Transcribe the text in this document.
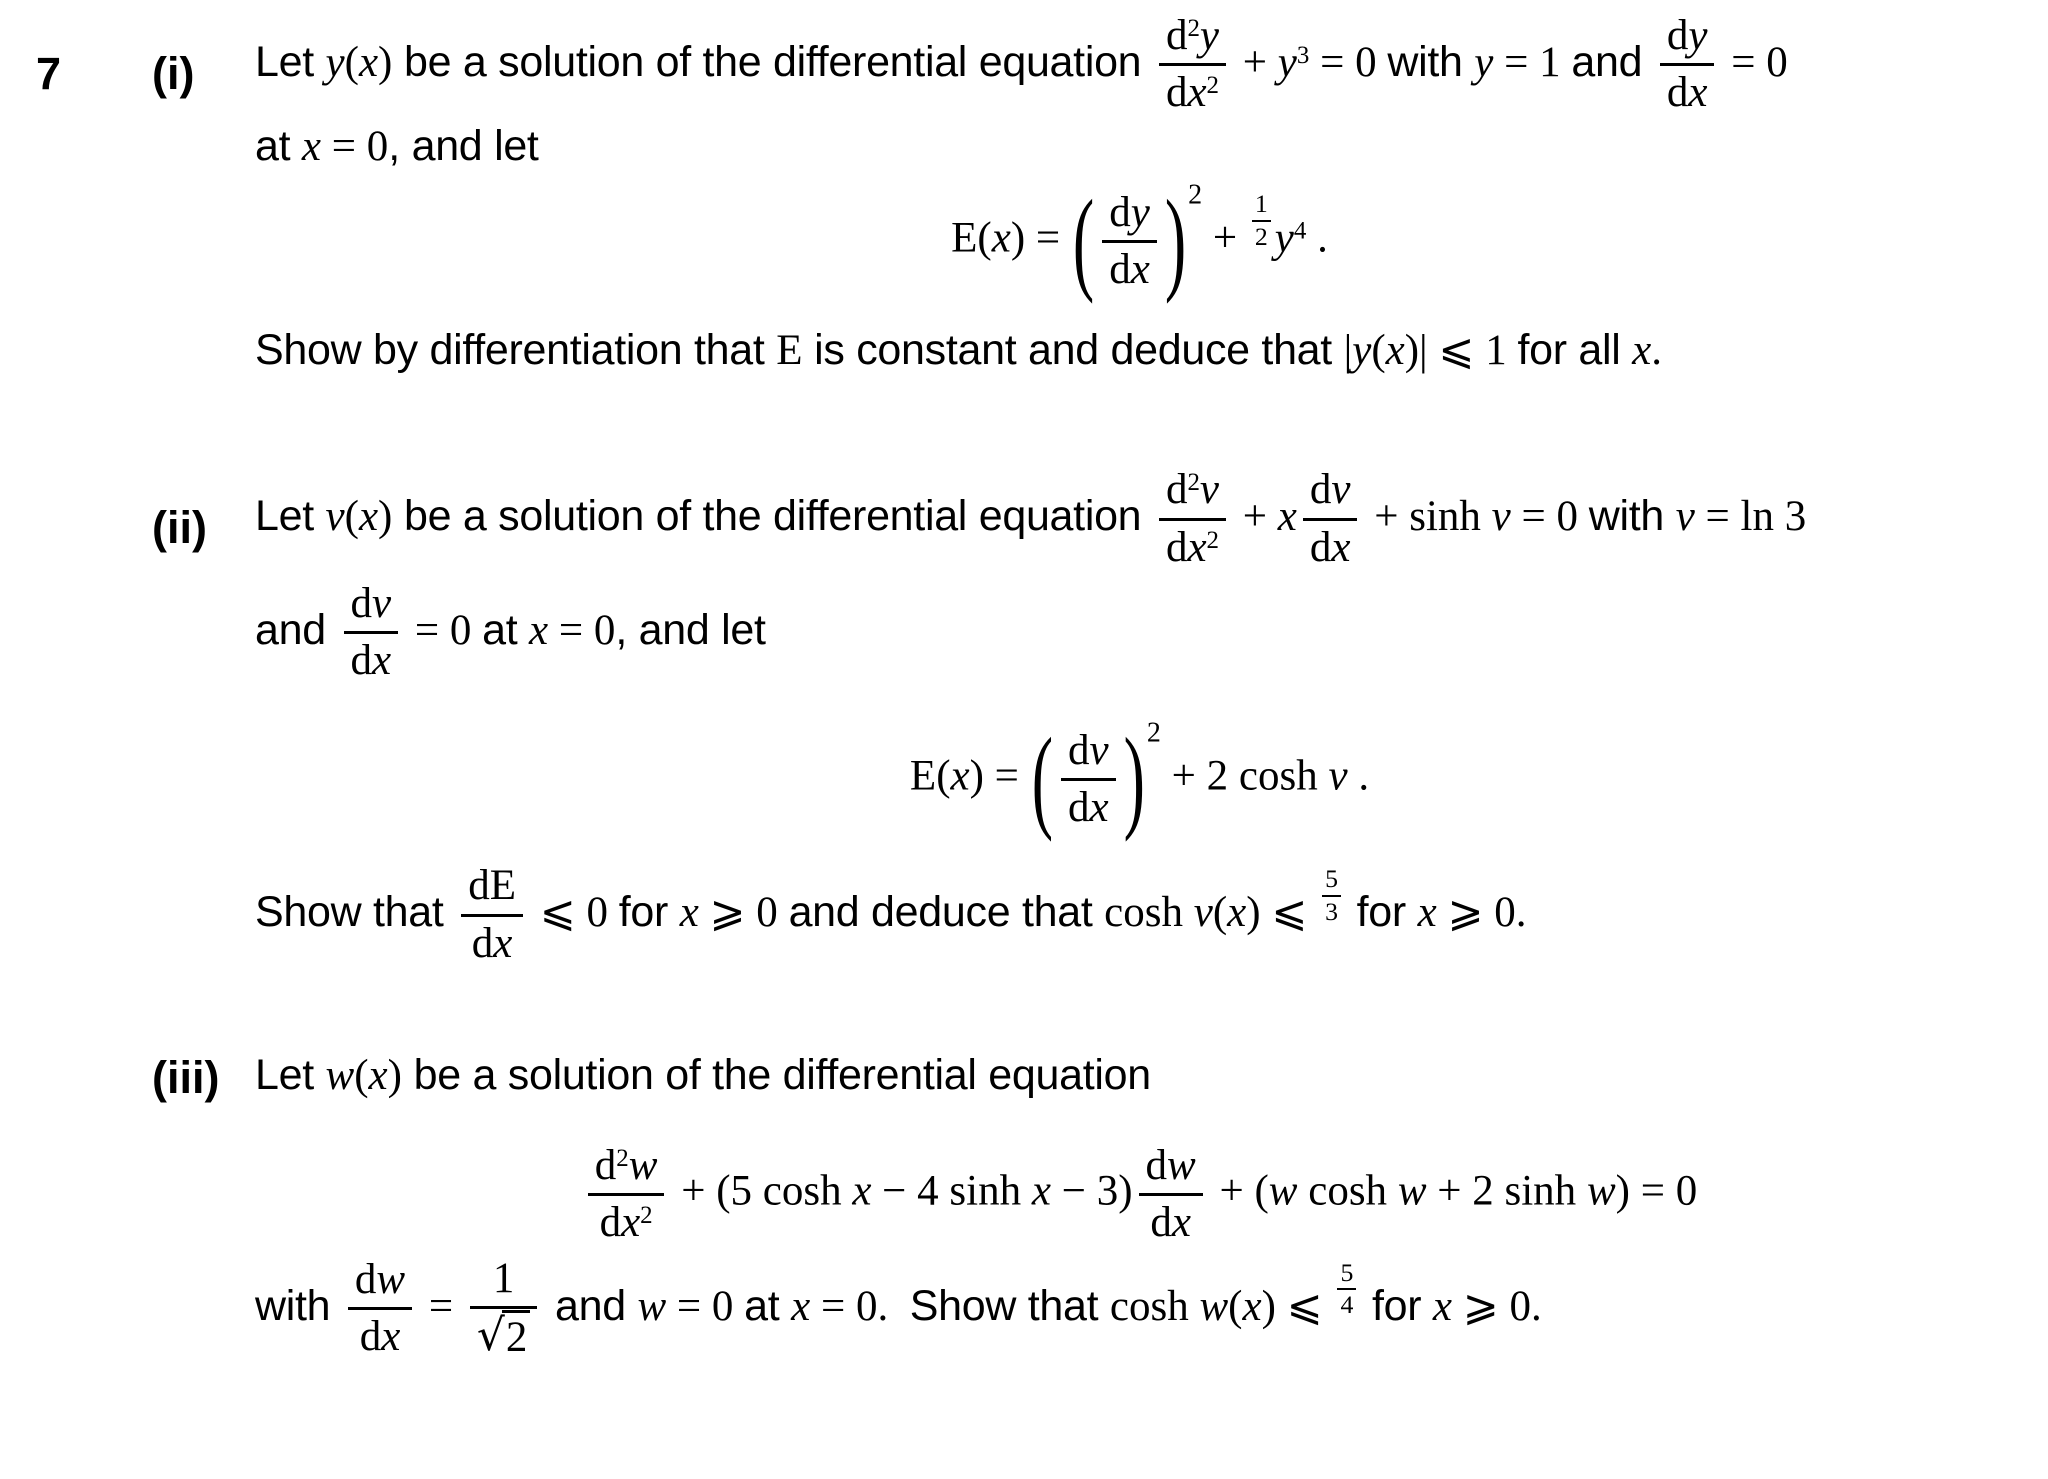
7	(i)	Let y(x) be a solution of the differential equation $\frac{d^2y}{dx^2} + y^3 = 0$ with y = 1 and $\frac{dy}{dx} = 0$
at x = 0, and let
E(x) = ( $\frac{dy}{dx} )^2 + \frac{1}{2} y^4$ .
Show by differentiation that E is constant and deduce that |y(x)| ⩽ 1 for all x.
(ii)	Let v(x) be a solution of the differential equation $\frac{d^2v}{dx^2} + x \frac{dv}{dx} + \sinh v = 0$ with v = ln 3
and $\frac{dv}{dx} = 0$ at x = 0, and let
E(x) = ( $\frac{dv}{dx} )^2 + 2$ cosh v .
Show that $\frac{dE}{dx}$ ⩽ 0 for x ⩾ 0 and deduce that cosh v(x) ⩽ $\frac{5}{3}$ for x ⩾ 0.
(iii) Let w(x) be a solution of the differential equation
$\frac{d^2w}{dx^2} + (5$ cosh x − 4 $\sinh x - 3) \frac{dw}{dx} + (w$ cosh w + 2 sinh w) = 0
with $\frac{dw}{dx} = \frac{1}{√2}$ and w = 0 at x = 0.  Show that cosh w(x) ⩽ $\frac{5}{4}$ for x ⩾ 0.
